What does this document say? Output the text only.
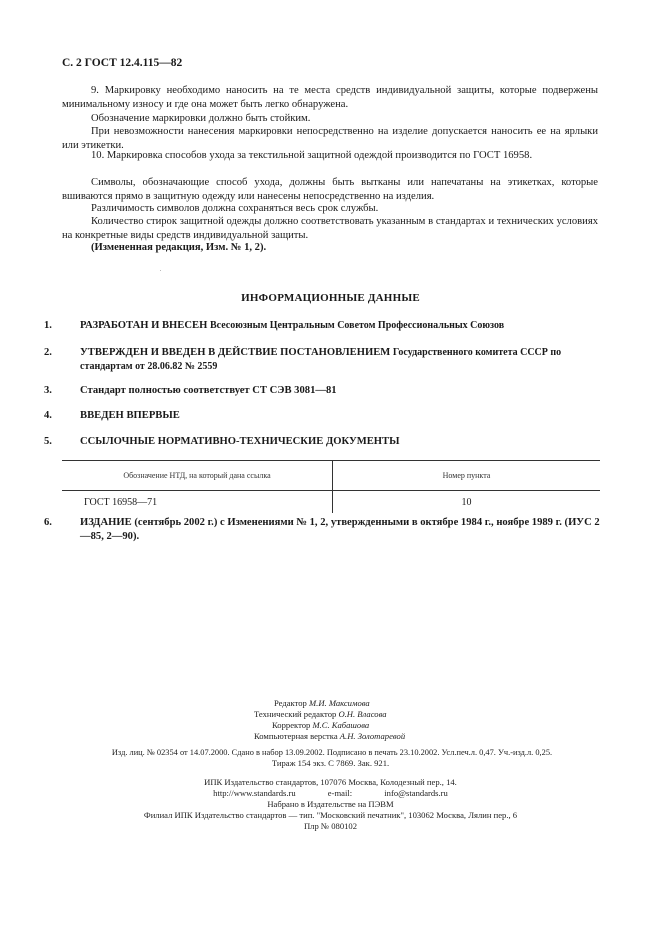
С. 2 ГОСТ 12.4.115—82
9. Маркировку необходимо наносить на те места средств индивидуальной защиты, которые подвержены минимальному износу и где она может быть легко обнаружена.
Обозначение маркировки должно быть стойким.
При невозможности нанесения маркировки непосредственно на изделие допускается наносить ее на ярлыки или этикетки.
10. Маркировка способов ухода за текстильной защитной одеждой производится по ГОСТ 16958.
Символы, обозначающие способ ухода, должны быть вытканы или напечатаны на этикетках, которые вшиваются прямо в защитную одежду или нанесены непосредственно на изделия.
Различимость символов должна сохраняться весь срок службы.
Количество стирок защитной одежды должно соответствовать указанным в стандартах и технических условиях на конкретные виды средств индивидуальной защиты.
(Измененная редакция, Изм. № 1, 2).
ИНФОРМАЦИОННЫЕ ДАННЫЕ
1.	РАЗРАБОТАН И ВНЕСЕН Всесоюзным Центральным Советом Профессиональных Союзов
2.	УТВЕРЖДЕН И ВВЕДЕН В ДЕЙСТВИЕ ПОСТАНОВЛЕНИЕМ Государственного комитета СССР по стандартам от 28.06.82 № 2559
3.	Стандарт полностью соответствует СТ СЭВ 3081—81
4.	ВВЕДЕН ВПЕРВЫЕ
5.	ССЫЛОЧНЫЕ НОРМАТИВНО-ТЕХНИЧЕСКИЕ ДОКУМЕНТЫ
Обозначение НТД, на который дана ссылка	Номер пункта
ГОСТ 16958—71	10
6.	ИЗДАНИЕ (сентябрь 2002 г.) с Изменениями № 1, 2, утвержденными в октябре 1984 г., ноябре 1989 г. (ИУС 2—85, 2—90).
Редактор М.И. Максимова
Технический редактор О.Н. Власова
Корректор М.С. Кабашова
Компьютерная верстка А.Н. Золотаревой
Изд. лиц. № 02354 от 14.07.2000. Сдано в набор 13.09.2002. Подписано в печать 23.10.2002. Усл.печ.л. 0,47. Уч.-изд.л. 0,25.
Тираж 154 экз. С 7869. Зак. 921.
ИПК Издательство стандартов, 107076 Москва, Колодезный пер., 14.
http://www.standards.ru e-mail: info@standards.ru
Набрано в Издательстве на ПЭВМ
Филиал ИПК Издательство стандартов — тип. "Московский печатник", 103062 Москва, Лялин пер., 6
Плр № 080102
